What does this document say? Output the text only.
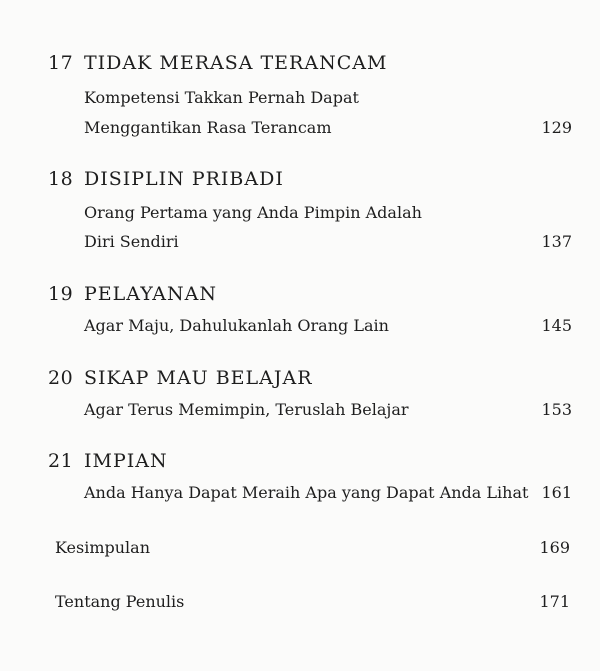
17 TIDAK MERASA TERANCAM
Kompetensi Takkan Pernah Dapat
Menggantikan Rasa Terancam	129
18 DISIPLIN PRIBADI
Orang Pertama yang Anda Pimpin Adalah
Diri Sendiri	137
19 PELAYANAN
Agar Maju, Dahulukanlah Orang Lain	145
20 SIKAP MAU BELAJAR
Agar Terus Memimpin, Teruslah Belajar	153
21 IMPIAN
Anda Hanya Dapat Meraih Apa yang Dapat Anda Lihat 161
Kesimpulan	169
Tentang Penulis	171
